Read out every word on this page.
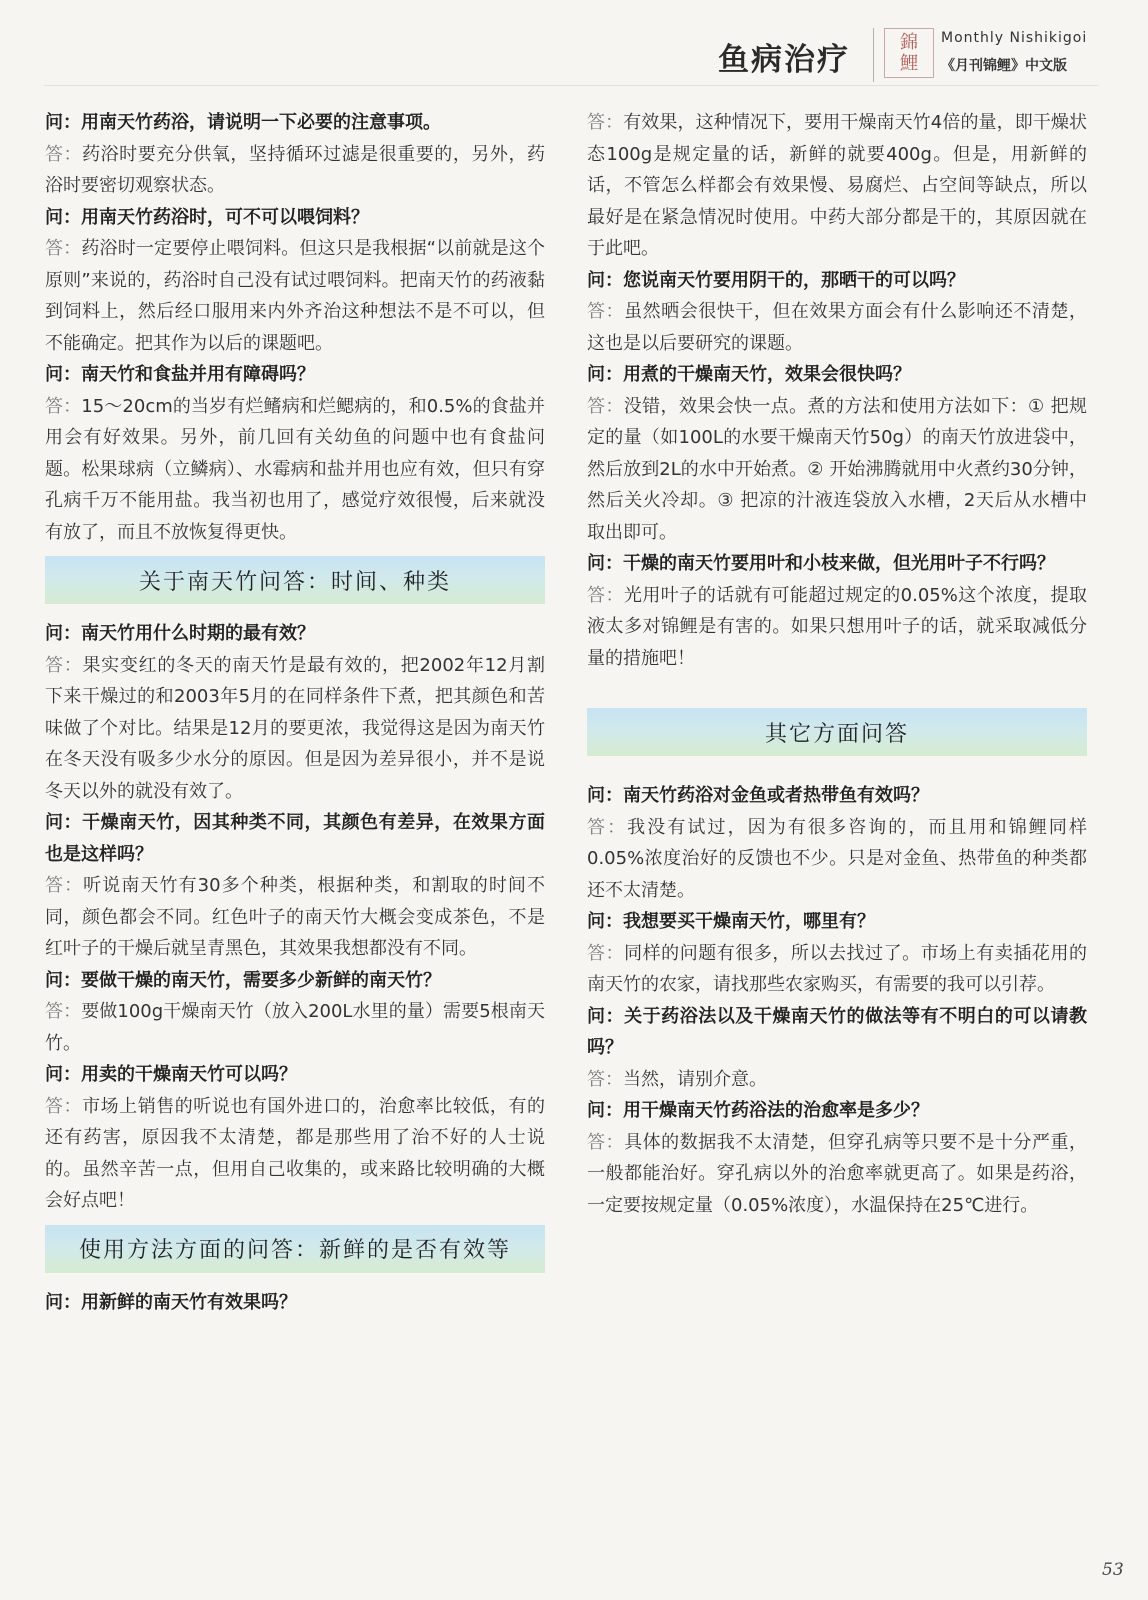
鱼病治疗	錦
鯉
Monthly Nishikigoi
《月刊锦鲤》中文版

问：用南天竹药浴，请说明一下必要的注意事项。

答：药浴时要充分供氧，坚持循环过滤是很重要的，另外，药浴时要密切观察状态。

问：用南天竹药浴时，可不可以喂饲料？

答：药浴时一定要停止喂饲料。但这只是我根据“以前就是这个原则”来说的，药浴时自己没有试过喂饲料。把南天竹的药液黏到饲料上，然后经口服用来内外齐治这种想法不是不可以，但不能确定。把其作为以后的课题吧。

问：南天竹和食盐并用有障碍吗？

答：15～20cm的当岁有烂鳍病和烂鳃病的，和0.5%的食盐并用会有好效果。另外，前几回有关幼鱼的问题中也有食盐问题。松果球病（立鳞病）、水霉病和盐并用也应有效，但只有穿孔病千万不能用盐。我当初也用了，感觉疗效很慢，后来就没有放了，而且不放恢复得更快。

关于南天竹问答：时间、种类

问：南天竹用什么时期的最有效？

答：果实变红的冬天的南天竹是最有效的，把2002年12月割下来干燥过的和2003年5月的在同样条件下煮，把其颜色和苦味做了个对比。结果是12月的要更浓，我觉得这是因为南天竹在冬天没有吸多少水分的原因。但是因为差异很小，并不是说冬天以外的就没有效了。

问：干燥南天竹，因其种类不同，其颜色有差异，在效果方面也是这样吗？

答：听说南天竹有30多个种类，根据种类，和割取的时间不同，颜色都会不同。红色叶子的南天竹大概会变成茶色，不是红叶子的干燥后就呈青黑色，其效果我想都没有不同。

问：要做干燥的南天竹，需要多少新鲜的南天竹？

答：要做100g干燥南天竹（放入200L水里的量）需要5根南天竹。

问：用卖的干燥南天竹可以吗？

答：市场上销售的听说也有国外进口的，治愈率比较低，有的还有药害，原因我不太清楚，都是那些用了治不好的人士说的。虽然辛苦一点，但用自己收集的，或来路比较明确的大概会好点吧！

使用方法方面的问答：新鲜的是否有效等

问：用新鲜的南天竹有效果吗？

答：有效果，这种情况下，要用干燥南天竹4倍的量，即干燥状态100g是规定量的话，新鲜的就要400g。但是，用新鲜的话，不管怎么样都会有效果慢、易腐烂、占空间等缺点，所以最好是在紧急情况时使用。中药大部分都是干的，其原因就在于此吧。

问：您说南天竹要用阴干的，那晒干的可以吗？

答：虽然晒会很快干，但在效果方面会有什么影响还不清楚，这也是以后要研究的课题。

问：用煮的干燥南天竹，效果会很快吗？

答：没错，效果会快一点。煮的方法和使用方法如下：① 把规定的量（如100L的水要干燥南天竹50g）的南天竹放进袋中，然后放到2L的水中开始煮。② 开始沸腾就用中火煮约30分钟，然后关火冷却。③ 把凉的汁液连袋放入水槽，2天后从水槽中取出即可。

问：干燥的南天竹要用叶和小枝来做，但光用叶子不行吗？

答：光用叶子的话就有可能超过规定的0.05%这个浓度，提取液太多对锦鲤是有害的。如果只想用叶子的话，就采取减低分量的措施吧！

其它方面问答

问：南天竹药浴对金鱼或者热带鱼有效吗？

答：我没有试过，因为有很多咨询的，而且用和锦鲤同样0.05%浓度治好的反馈也不少。只是对金鱼、热带鱼的种类都还不太清楚。

问：我想要买干燥南天竹，哪里有？

答：同样的问题有很多，所以去找过了。市场上有卖插花用的南天竹的农家，请找那些农家购买，有需要的我可以引荐。

问：关于药浴法以及干燥南天竹的做法等有不明白的可以请教吗？

答：当然，请别介意。

问：用干燥南天竹药浴法的治愈率是多少？

答：具体的数据我不太清楚，但穿孔病等只要不是十分严重，一般都能治好。穿孔病以外的治愈率就更高了。如果是药浴，一定要按规定量（0.05%浓度），水温保持在25℃进行。

53
